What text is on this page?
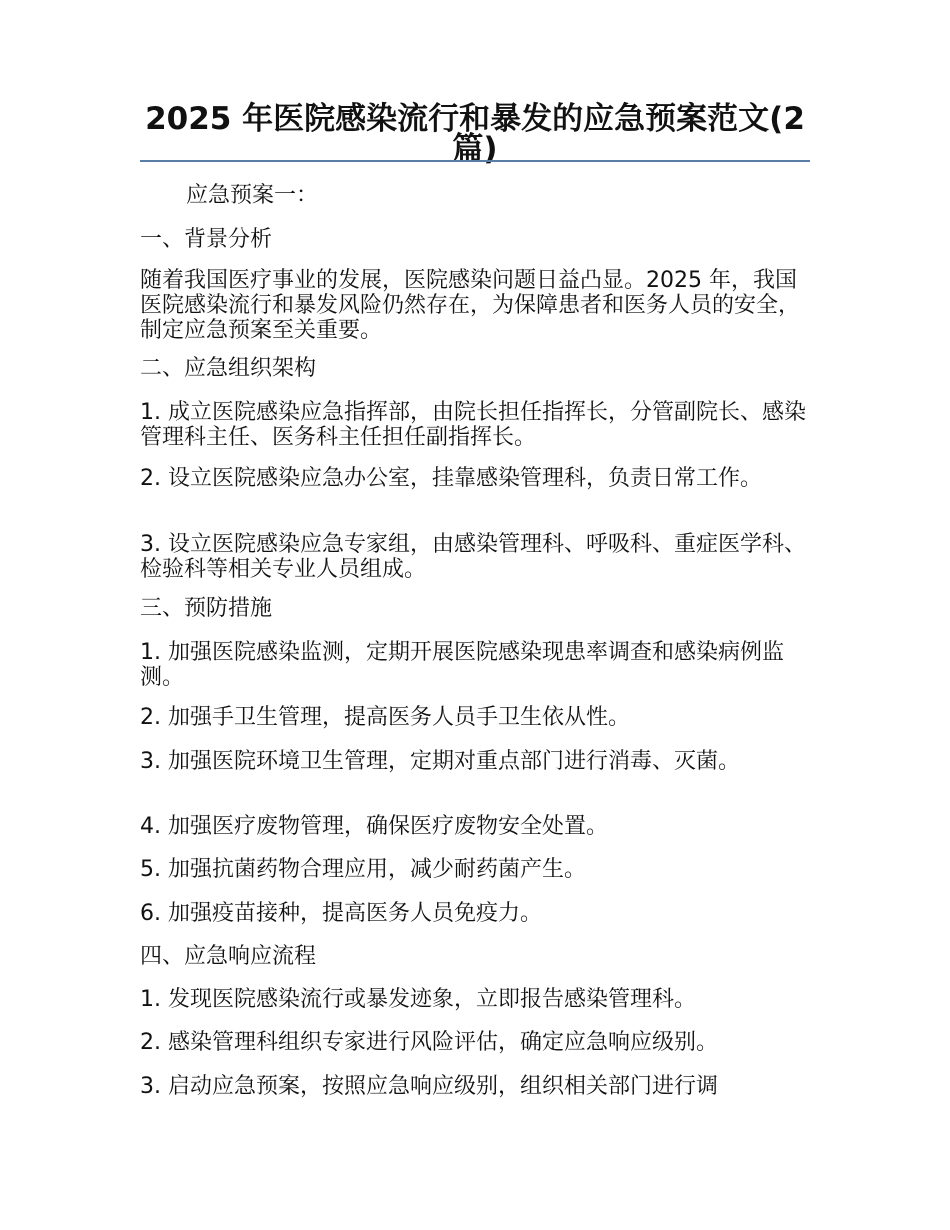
2025 年医院感染流行和暴发的应急预案范文(2 篇)

应急预案一：

一、背景分析

随着我国医疗事业的发展，医院感染问题日益凸显。2025 年，我国医院感染流行和暴发风险仍然存在，为保障患者和医务人员的安全，制定应急预案至关重要。

二、应急组织架构

1. 成立医院感染应急指挥部，由院长担任指挥长，分管副院长、感染管理科主任、医务科主任担任副指挥长。

2. 设立医院感染应急办公室，挂靠感染管理科，负责日常工作。

3. 设立医院感染应急专家组，由感染管理科、呼吸科、重症医学科、检验科等相关专业人员组成。

三、预防措施

1. 加强医院感染监测，定期开展医院感染现患率调查和感染病例监测。

2. 加强手卫生管理，提高医务人员手卫生依从性。

3. 加强医院环境卫生管理，定期对重点部门进行消毒、灭菌。

4. 加强医疗废物管理，确保医疗废物安全处置。

5. 加强抗菌药物合理应用，减少耐药菌产生。

6. 加强疫苗接种，提高医务人员免疫力。

四、应急响应流程

1. 发现医院感染流行或暴发迹象，立即报告感染管理科。

2. 感染管理科组织专家进行风险评估，确定应急响应级别。

3. 启动应急预案，按照应急响应级别，组织相关部门进行调
